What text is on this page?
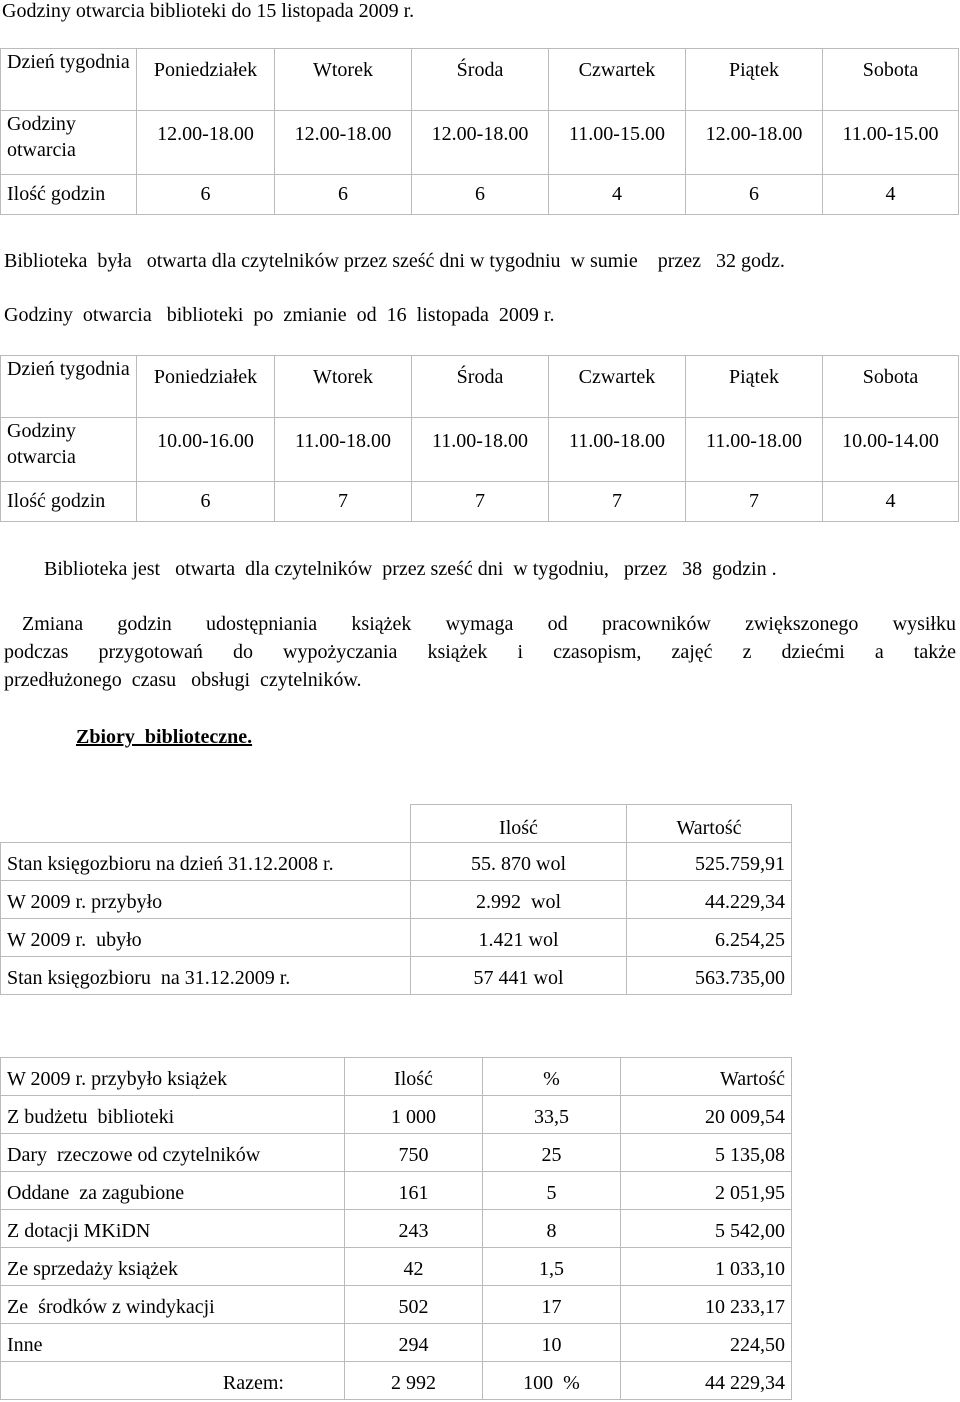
Godziny otwarcia biblioteki do 15 listopada 2009 r.
Dzień tygodnia	Poniedziałek	Wtorek	Środa	Czwartek	Piątek	Sobota
Godziny otwarcia	12.00-18.00	12.00-18.00	12.00-18.00	11.00-15.00	12.00-18.00	11.00-15.00
Ilość godzin	6	6	6	4	6	4
Biblioteka  była   otwarta dla czytelników przez sześć dni w tygodniu  w sumie    przez   32 godz.
Godziny  otwarcia   biblioteki  po  zmianie  od  16  listopada  2009 r.
Dzień tygodnia	Poniedziałek	Wtorek	Środa	Czwartek	Piątek	Sobota
Godziny otwarcia	10.00-16.00	11.00-18.00	11.00-18.00	11.00-18.00	11.00-18.00	10.00-14.00
Ilość godzin	6	7	7	7	7	4
Biblioteka jest   otwarta  dla czytelników  przez sześć dni  w tygodniu,   przez   38  godzin .
Zmiana godzin udostępniania książek wymaga od pracowników zwiększonego wysiłku
podczas przygotowań do wypożyczania książek i czasopism, zajęć z dziećmi a także
przedłużonego  czasu   obsługi  czytelników.
Zbiory  biblioteczne.
	Ilość	Wartość
Stan księgozbioru na dzień 31.12.2008 r.	55. 870 wol	525.759,91
W 2009 r. przybyło	2.992  wol	44.229,34
W 2009 r.  ubyło	1.421 wol	6.254,25
Stan księgozbioru  na 31.12.2009 r.	57 441 wol	563.735,00
W 2009 r. przybyło książek	Ilość	%	Wartość
Z budżetu  biblioteki	1 000	33,5	20 009,54
Dary  rzeczowe od czytelników	750	25	5 135,08
Oddane  za zagubione	161	5	2 051,95
Z dotacji MKiDN	243	8	5 542,00
Ze sprzedaży książek	42	1,5	1 033,10
Ze  środków z windykacji	502	17	10 233,17
Inne	294	10	224,50
Razem:	2 992	100  %	44 229,34
